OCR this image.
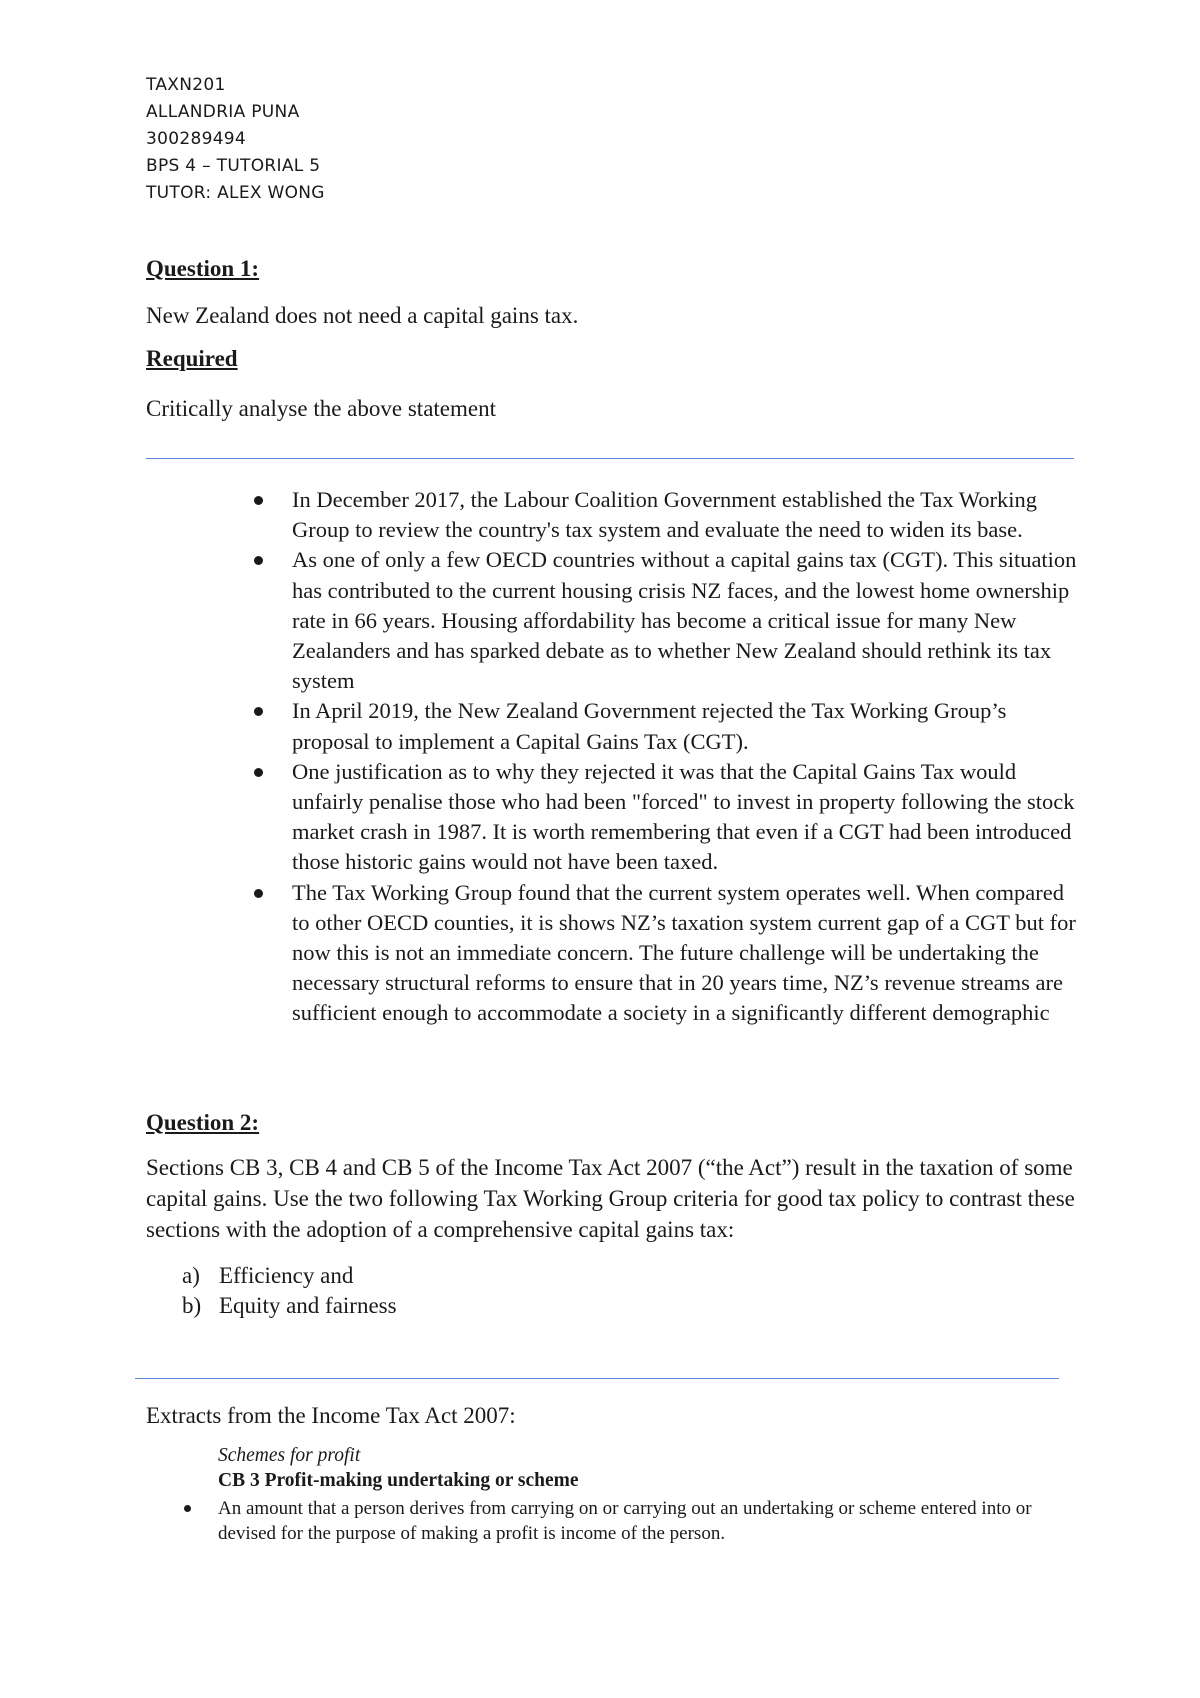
TAXN201
ALLANDRIA PUNA
300289494
BPS 4 – TUTORIAL 5
TUTOR: ALEX WONG
Question 1:
New Zealand does not need a capital gains tax.
Required
Critically analyse the above statement
In December 2017, the Labour Coalition Government established the Tax Working Group to review the country's tax system and evaluate the need to widen its base.
As one of only a few OECD countries without a capital gains tax (CGT). This situation has contributed to the current housing crisis NZ faces, and the lowest home ownership rate in 66 years. Housing affordability has become a critical issue for many New Zealanders and has sparked debate as to whether New Zealand should rethink its tax system
In April 2019, the New Zealand Government rejected the Tax Working Group’s proposal to implement a Capital Gains Tax (CGT).
One justification as to why they rejected it was that the Capital Gains Tax would unfairly penalise those who had been "forced" to invest in property following the stock market crash in 1987. It is worth remembering that even if a CGT had been introduced those historic gains would not have been taxed.
The Tax Working Group found that the current system operates well. When compared to other OECD counties, it is shows NZ’s taxation system current gap of a CGT but for now this is not an immediate concern. The future challenge will be undertaking the necessary structural reforms to ensure that in 20 years time, NZ’s revenue streams are sufficient enough to accommodate a society in a significantly different demographic
Question 2:
Sections CB 3, CB 4 and CB 5 of the Income Tax Act 2007 (“the Act”) result in the taxation of some capital gains. Use the two following Tax Working Group criteria for good tax policy to contrast these sections with the adoption of a comprehensive capital gains tax:
a) Efficiency and
b) Equity and fairness
Extracts from the Income Tax Act 2007:
Schemes for profit
CB 3 Profit-making undertaking or scheme
An amount that a person derives from carrying on or carrying out an undertaking or scheme entered into or devised for the purpose of making a profit is income of the person.
